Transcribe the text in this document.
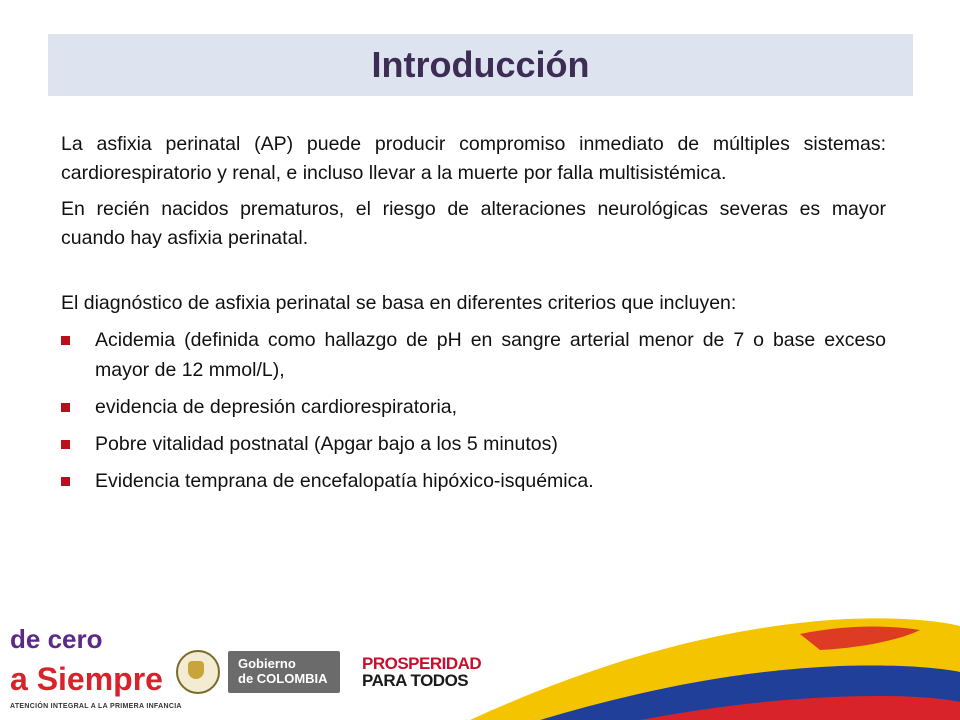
Introducción

La asfixia perinatal (AP) puede producir compromiso inmediato de múltiples sistemas: cardiorespiratorio y renal, e incluso llevar a la muerte por falla multisistémica.

En recién nacidos prematuros, el riesgo de alteraciones neurológicas severas es mayor cuando hay asfixia perinatal.

El diagnóstico de asfixia perinatal se basa en diferentes criterios que incluyen:

Acidemia (definida como hallazgo de pH en sangre arterial menor de 7 o base exceso mayor de 12 mmol/L),
evidencia de depresión cardiorespiratoria,
Pobre vitalidad postnatal (Apgar bajo a los 5 minutos)
Evidencia temprana de encefalopatía hipóxico-isquémica.
de cero
a Siempre
ATENCIÓN INTEGRAL A LA PRIMERA INFANCIA
Gobierno
de COLOMBIA
PROSPERIDAD
PARA TODOS
